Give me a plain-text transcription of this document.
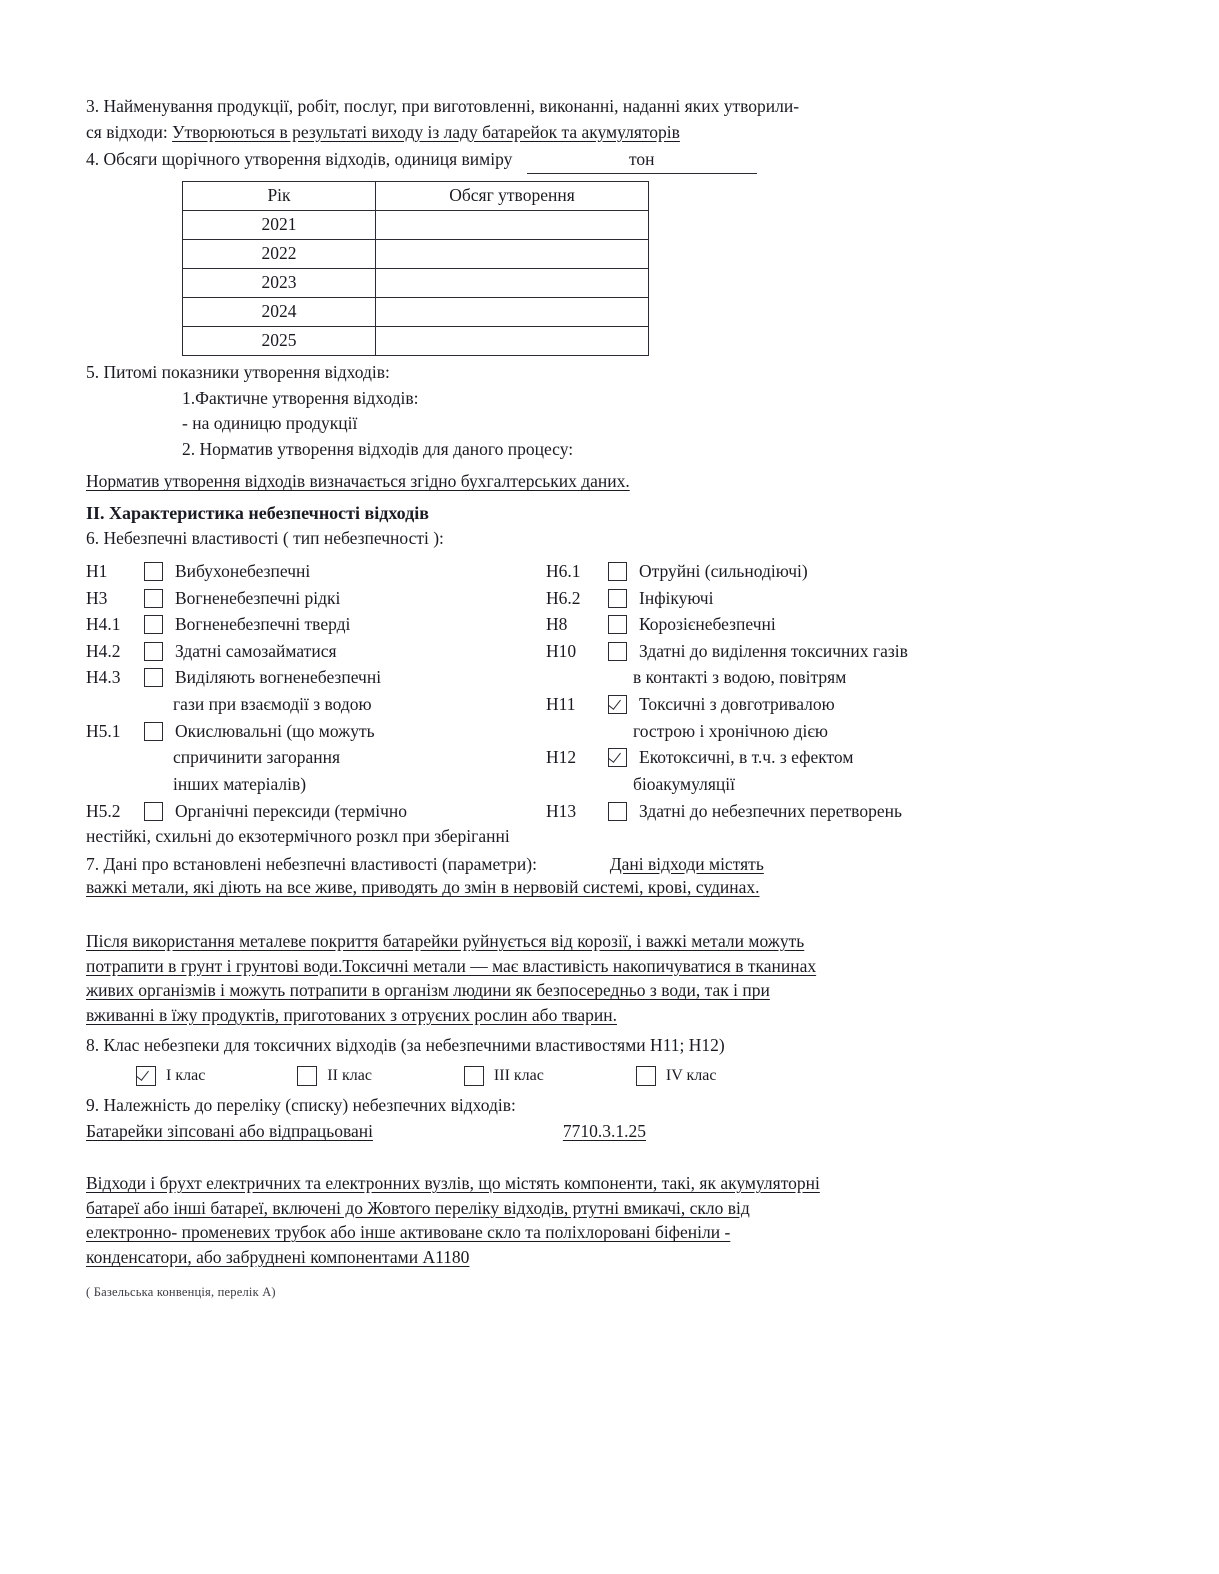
3. Найменування продукції, робіт, послуг, при виготовленні, виконанні, наданні яких утворили-
ся відходи: Утворюються в результаті виходу із ладу батарейок та акумуляторів
4. Обсяги щорічного утворення відходів, одиниця виміру	тон
Рік	Обсяг утворення
2021	
2022	
2023	
2024	
2025	
5. Питомі показники утворення відходів:
1.Фактичне утворення відходів:
- на одиницю продукції
2. Норматив утворення відходів для даного процесу:
Норматив утворення відходів визначається згідно бухгалтерських даних.
ІІ. Характеристика небезпечності відходів
6. Небезпечні властивості ( тип небезпечності ):
H1	Вибухонебезпечні	H6.1	Отруйні (сильнодіючі)
H3	Вогненебезпечні рідкі	H6.2	Інфікуючі
H4.1	Вогненебезпечні тверді	H8	Корозієнебезпечні
H4.2	Здатні самозайматися	H10	Здатні до виділення токсичних газів
H4.3	Виділяють вогненебезпечні	в контакті з водою, повітрям
гази при взаємодії з водою	H11	Токсичні з довготривалою
H5.1	Окислювальні (що можуть	гострою і хронічною дією
спричинити загорання	H12	Екотоксичні, в т.ч. з ефектом
інших матеріалів)	біоакумуляції
H5.2	Органічні перексиди (термічно	H13	Здатні до небезпечних перетворень
нестійкі, схильні до екзотермічного розкл при зберіганні
7. Дані про встановлені небезпечні властивості (параметри):	Дані відходи містять
важкі метали, які діють на все живе, приводять до змін в нервовій системі, крові, судинах.
Після використання металеве покриття батарейки руйнується від корозії, і важкі метали можуть
потрапити в грунт і грунтові води.Токсичні метали — має властивість накопичуватися в тканинах
живих організмів і можуть потрапити в організм людини як безпосередньо з води, так і при
вживанні в їжу продуктів, приготованих з отруєних рослин або тварин.
8. Клас небезпеки для токсичних відходів (за небезпечними властивостями Н11; Н12)
I клас	II клас	III клас	IV клас
9. Належність до переліку (списку) небезпечних відходів:
Батарейки зіпсовані або відпрацьовані	7710.3.1.25
Відходи і брухт електричних та електронних вузлів, що містять компоненти, такі, як акумуляторні
батареї або інші батареї, включені до Жовтого переліку відходів, ртутні вмикачі, скло від
електронно- променевих трубок або інше активоване скло та поліхлоровані біфеніли -
конденсатори, або забруднені компонентами А1180
( Базельська конвенція, перелік А)
